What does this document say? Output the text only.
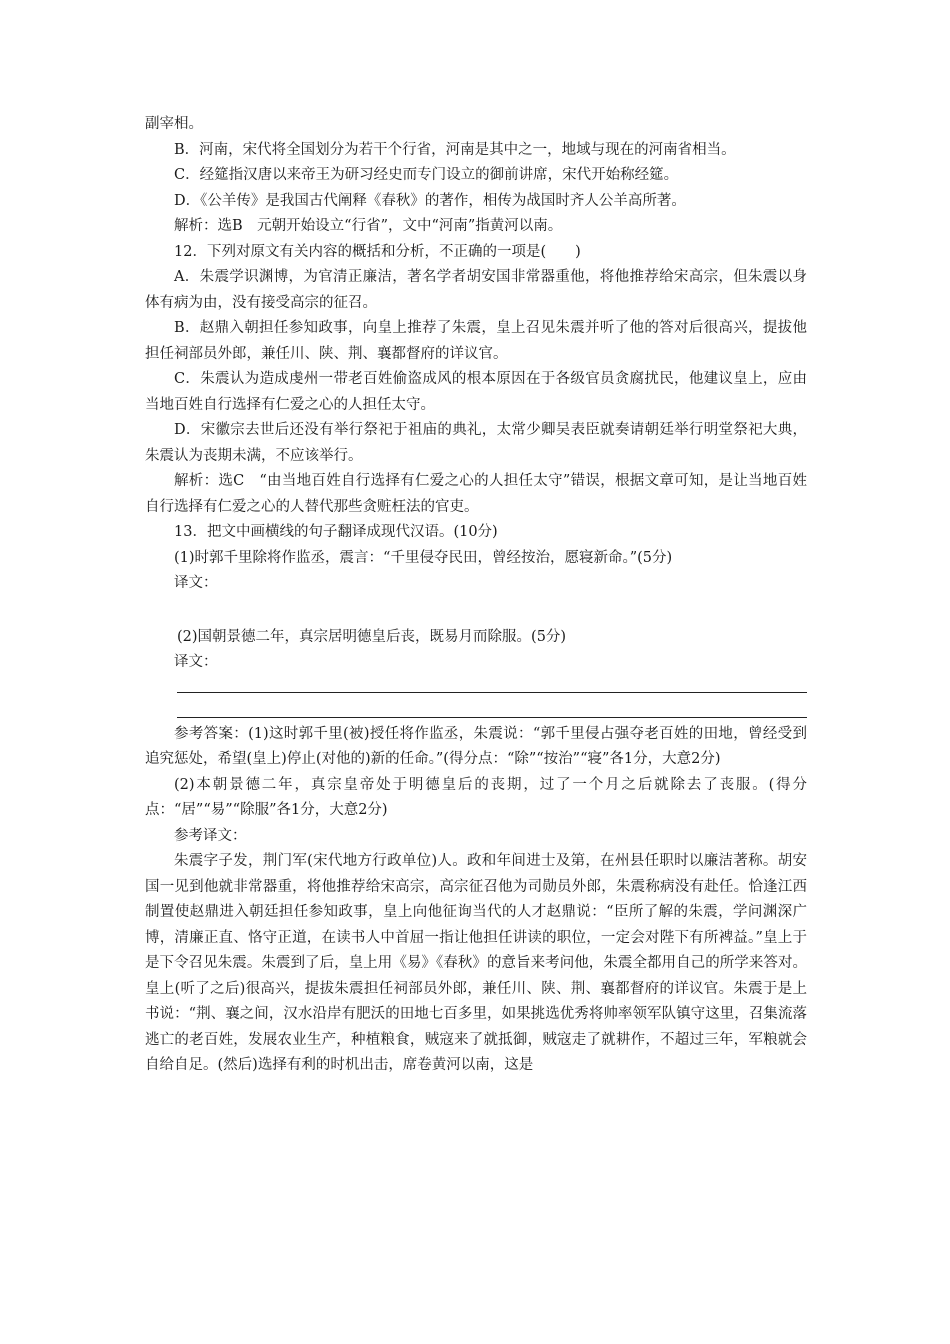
副宰相。

B．河南，宋代将全国划分为若干个行省，河南是其中之一，地域与现在的河南省相当。

C．经筵指汉唐以来帝王为研习经史而专门设立的御前讲席，宋代开始称经筵。

D．《公羊传》是我国古代阐释《春秋》的著作，相传为战国时齐人公羊高所著。

解析：选B　元朝开始设立“行省”，文中“河南”指黄河以南。

12．下列对原文有关内容的概括和分析，不正确的一项是(　　)

A．朱震学识渊博，为官清正廉洁，著名学者胡安国非常器重他，将他推荐给宋高宗，但朱震以身体有病为由，没有接受高宗的征召。

B．赵鼎入朝担任参知政事，向皇上推荐了朱震，皇上召见朱震并听了他的答对后很高兴，提拔他担任祠部员外郎，兼任川、陕、荆、襄都督府的详议官。

C．朱震认为造成虔州一带老百姓偷盗成风的根本原因在于各级官员贪腐扰民，他建议皇上，应由当地百姓自行选择有仁爱之心的人担任太守。

D．宋徽宗去世后还没有举行祭祀于祖庙的典礼，太常少卿吴表臣就奏请朝廷举行明堂祭祀大典，朱震认为丧期未满，不应该举行。

解析：选C　“由当地百姓自行选择有仁爱之心的人担任太守”错误，根据文章可知，是让当地百姓自行选择有仁爱之心的人替代那些贪赃枉法的官吏。

13．把文中画横线的句子翻译成现代汉语。(10分)

(1)时郭千里除将作监丞，震言：“千里侵夺民田，曾经按治，愿寝新命。”(5分)

译文：

(2)国朝景德二年，真宗居明德皇后丧，既易月而除服。(5分)

译文：

参考答案：(1)这时郭千里(被)授任将作监丞，朱震说：“郭千里侵占强夺老百姓的田地，曾经受到追究惩处，希望(皇上)停止(对他的)新的任命。”(得分点：“除”“按治”“寝”各1分，大意2分)

(2)本朝景德二年，真宗皇帝处于明德皇后的丧期，过了一个月之后就除去了丧服。(得分点：“居”“易”“除服”各1分，大意2分)

参考译文：

朱震字子发，荆门军(宋代地方行政单位)人。政和年间进士及第，在州县任职时以廉洁著称。胡安国一见到他就非常器重，将他推荐给宋高宗，高宗征召他为司勋员外郎，朱震称病没有赴任。恰逢江西制置使赵鼎进入朝廷担任参知政事，皇上向他征询当代的人才赵鼎说：“臣所了解的朱震，学问渊深广博，清廉正直、恪守正道，在读书人中首屈一指让他担任讲读的职位，一定会对陛下有所裨益。”皇上于是下令召见朱震。朱震到了后，皇上用《易》《春秋》的意旨来考问他，朱震全都用自己的所学来答对。皇上(听了之后)很高兴，提拔朱震担任祠部员外郎，兼任川、陕、荆、襄都督府的详议官。朱震于是上书说：“荆、襄之间，汉水沿岸有肥沃的田地七百多里，如果挑选优秀将帅率领军队镇守这里，召集流落逃亡的老百姓，发展农业生产，种植粮食，贼寇来了就抵御，贼寇走了就耕作，不超过三年，军粮就会自给自足。(然后)选择有利的时机出击，席卷黄河以南，这是
